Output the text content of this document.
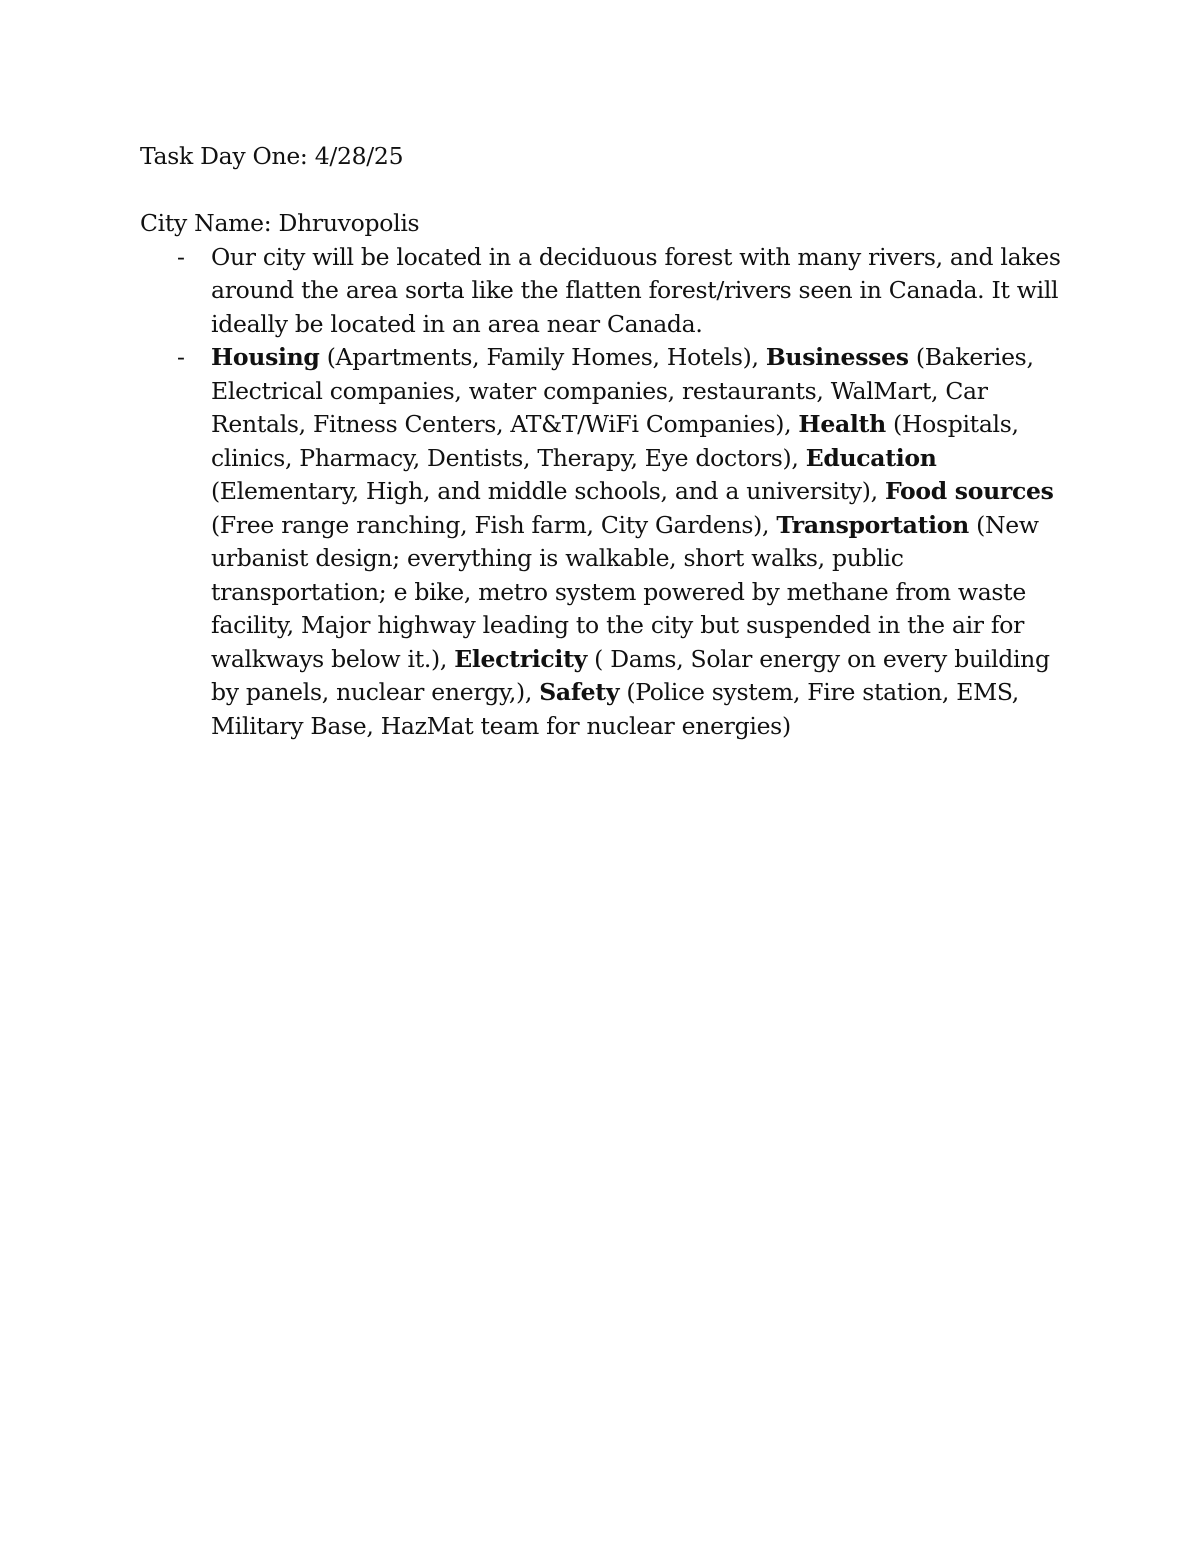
Task Day One: 4/28/25

City Name: Dhruvopolis

- Our city will be located in a deciduous forest with many rivers, and lakes around the area sorta like the flatten forest/rivers seen in Canada. It will ideally be located in an area near Canada.
- Housing (Apartments, Family Homes, Hotels), Businesses (Bakeries, Electrical companies, water companies, restaurants, WalMart, Car Rentals, Fitness Centers, AT&T/WiFi Companies), Health (Hospitals, clinics, Pharmacy, Dentists, Therapy, Eye doctors), Education (Elementary, High, and middle schools, and a university), Food sources (Free range ranching, Fish farm, City Gardens), Transportation (New urbanist design; everything is walkable, short walks, public transportation; e bike, metro system powered by methane from waste facility, Major highway leading to the city but suspended in the air for walkways below it.), Electricity ( Dams, Solar energy on every building by panels, nuclear energy,), Safety (Police system, Fire station, EMS, Military Base, HazMat team for nuclear energies)
